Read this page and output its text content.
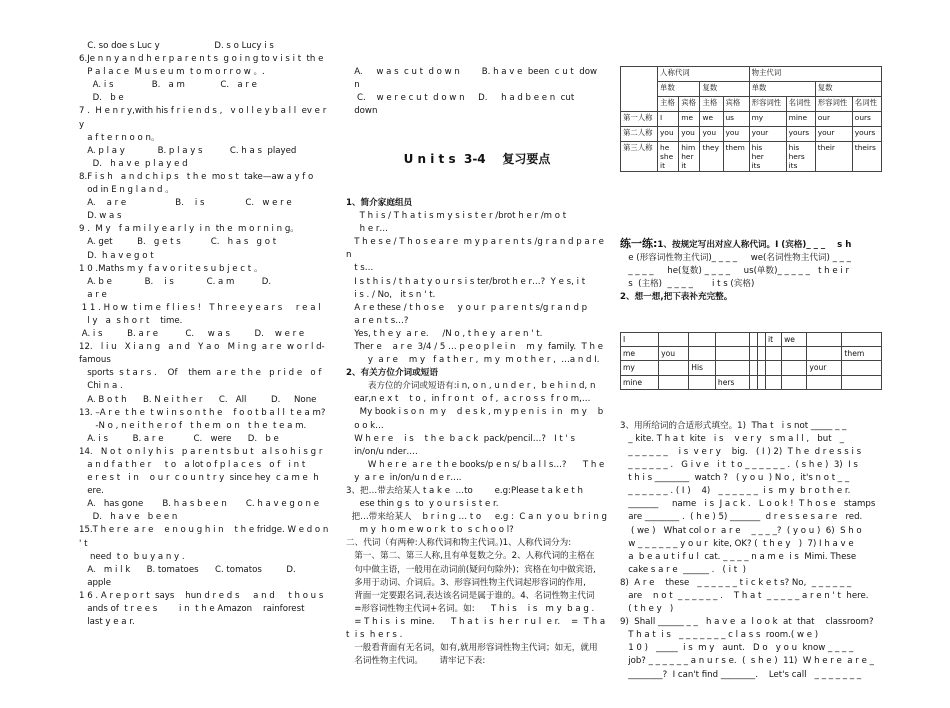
C. so doe s Luc y                    D. s o Lucy i s
6.Je n n y a n d h e r p a r e n t s  g o i n g to v i s i t  th e
P a l a c e  M u s e u m  t o m o r r o w 。.
A. i s              B.   a m             C.   a r e
D.   b e
7 .  H e n r y,with his f r i e n d s ,   v o l l e y b a l l  ev e r y
a f t e r n o o n。
A. p l a y            B. p l a y s          C. h a s  played
D.   h a v e  p l a y e d
8.F i s h   a n d c h i p s   t h e  mo s t  take—aw a y f o
od in E n g l a n d 。
A.    a r e                  B.    i s               C.   w e r e
D. w a s
9 .  M y   f a m i l y e a r l y  i n  th e  m o r n i n g。
A. get         B.   g e t s           C.   h a s   g o t
D.  h a v e g o t
1 0 .Maths m y  f a v o r i t e s u b j e c t 。
A. b e            B.    i s            C. a m          D.
a r e
1 1 . H o w  t i m e  f l i e s !   T h r e e y e a r s     r e a l
l y   a  s h o r t    time.
A. i s         B. a r e          C.     w a s         D.    w e r e
12.   l i u   X i a n g   a n d   Y a o   M i n g  a r e  w o r l d-famous
sports  s t a r s .    Of    them  a r e  t h e   p r i d e   o f
Chi n a .
A. B o t h      B. N e i t h e r      C.   All         D.     None
13. –A r e  t h e  t w i n s o n t h e    f o o t b a l l  t e a m?
-N o , n e i t h e r o f   t h e m  o n   t h e  t e a m.
A. i s         B. a r e           C.   were      D.   b e
14.   N o t  o n l y h i s   p a r e n t s b u t   a l s o h i s g r
a n d f a t h e r     t o   a lot o f p l a c e s   o f   i n t
e r e s t   i n    o u r  c o u n t r y  since hey  c a m e  h
ere.
A.   has gone       B. h a s b e e n       C. h a v e g o n e
D.   h a v e   b e e n
15.T h e r e  a r e    e n o u g h i n    t h e fridge. W e d o n ' t
need  t o  b u y a n y .
A.   m i l k      B. tomatoes      C. tomatos         D.
apple
1 6 . A r e p o r t  says    hun d r e d s     a n d     t h o u s
ands of  t r e e s        i n  t h e Amazon    rainforest
last y e a r.

A.     w a s  c u t  d o w n        B. h a v e  been  c u t  dow
n
C.    w e r e c u t  d o w n     D.     h a d b e e n  cut
down

U n i t s  3-4    复习要点

1、简介家庭组员
T h i s / T h a t i s m y s i s t e r /brot h e r /m o t
h e r…
T h e s e / T h o s e a r e  m y p a r e n t s /g r a n d p a r e n
t s…
I s t h i s / t h a t y o u r s i s ter/brot h e r…?  Y e s, i t
i s . / No,   it s n ' t.
A r e these / t h o s e     y o u r  p a r e n t s/g r a n d p
a r e n t s…?
Yes, t h e y  a r e.     /N o , t h e y  a r e n ' t.
Ther e    a r e  3/4 / 5 … p e o p l e i n    m y  family.  T h e
y  a r e    m y   f a t h e r ,  m y  m o t h e r ,  …a n d I.
2、有关方位介词或短语
表方位的介词或短语有:i n, o n , u n d e r ,  b e h i n d, n
ear,n e x t    t o ,  in f r o n t   o f ,  a c r o s s  f r o m,…
My book i s o n  m y    d e s k , m y p e n i s  i n   m y    b
o o k…
W h e r e    i s    t h e  b a c k  pack/pencil…?   I t ' s
in/on/u nder….
W h e r e  a r e  t h e books/p e n s/ b a l l s…?      T h e
y  a r e  in/on/u n d e r….
3、把…带去给某人 t a k e  …to        e.g:Please t a k e t h
ese thin g s  to  y o u r s i s t e r.
把…带来给某人    b r i n g … t o     e.g :  C a n  y o u  b r i n g
m y  h o m e w o r k  t o  s c h o o l?
二、代词（有两种:人称代词和物主代词。)1、人称代词分为:
第一、第二、第三人称,且有单复数之分。2、人称代词的主格在
句中做主语，一般用在动词前(疑问句除外)；宾格在句中做宾语,
多用于动词、介词后。3、形容词性物主代词起形容词的作用,
背面一定要跟名词,表达该名词是属于谁的。4、名词性物主代词
=形容词性物主代词+名词。如:      T h i s    i s   m y  b a g .
= T h i s  i s  mine.      T h a t  i s  h e r  r u l  e r.    =  T h a t  i s  h e r s .
一般看背面有无名词，如有,就用形容词性物主代词；如无，就用
名词性物主代词。      请牢记下表:

	人称代词				物主代词			
	单数		复数		单数		复数	
	主格	宾格	主格	宾格	形容词性	名词性	形容词性	名词性
第一人称	I	me	we	us	my	mine	our	ours
第二人称	you	you	you	you	your	yours	your	yours
第三人称	he
she
it	him
her
it	they	them	his
her
its	his
hers
its	their	theirs

练一练:1、按规定写出对应人称代词。I (宾格)_ _ _    s h
e (形容词性物主代词)_ _ _ _     we(名词性物主代词) _ _ _
_ _ _ _     he(复数) _ _ _ _     us(单数)_ _ _ _ _   t h e i r
s  (主格)  _ _ _ _       i t s (宾格)
2、想一想,把下表补充完整。

I						it	we		
me	you								them
my		His						your	
mine			hers						

3、用所给词的合适形式填空。1)  Tha t   i s not _____ _ _
_ kite. T h a t  kite   i s    v e r y   s m a l l ,   but   _
_ _ _ _ _ _    i s  v e r y    big.   ( I ) 2)  T h e  d r e s s i s
_ _ _ _ _ _ .   G i v e   i t  t o _ _ _ _ _ _ .  ( s h e )  3)  I s
t h i s ________  watch ?   ( y o u  ) N o ,  it's n o t _ _
_ _ _ _ _ _ . ( I )    4)   _ _ _ _ _ _  i s  m y  b r o t h e r.
_______     name   i s  J a c k .   L o o k !  T h o s e   stamps
are ________ .  ( h e ) 5) _______  d r e s s e s a r e   red.
( we )   What col o r  a r e    _ _ _ _?  ( y o u )  6)  S h o
w _ _ _ _ _ _ y o u r  kite, OK? (  t h e y   )  7) I h a v e
a  b e a u t i f u l  cat. _ _ _ _ n a m e  i s  Mimi. These
cake s a r e  ______ .   ( i t  )
8)  A r e    these   _ _ _ _ _ _ t i c k e t s? No,  _ _ _ _ _ _
are    n o t  _ _ _ _ _ _ .    T h a t  _ _ _ _ _ a r e n ' t  here.
( t h e y   )
9)  Shall ______ _ _   h a v e  a  l o o k  at  that    classroom?
T h a t  i s   _ _ _ _ _ _ _ c l a s s  room.( w e )
1 0 )   _____  i s  m y   aunt.   D o   y o u  know _ _ _ _
job? _ _ _ _ _ _ a n u r s e.  (  s h e )  11)  W h e r e  a r e _
________?  I can't find ________.    Let's call   _ _ _ _ _ _ _
